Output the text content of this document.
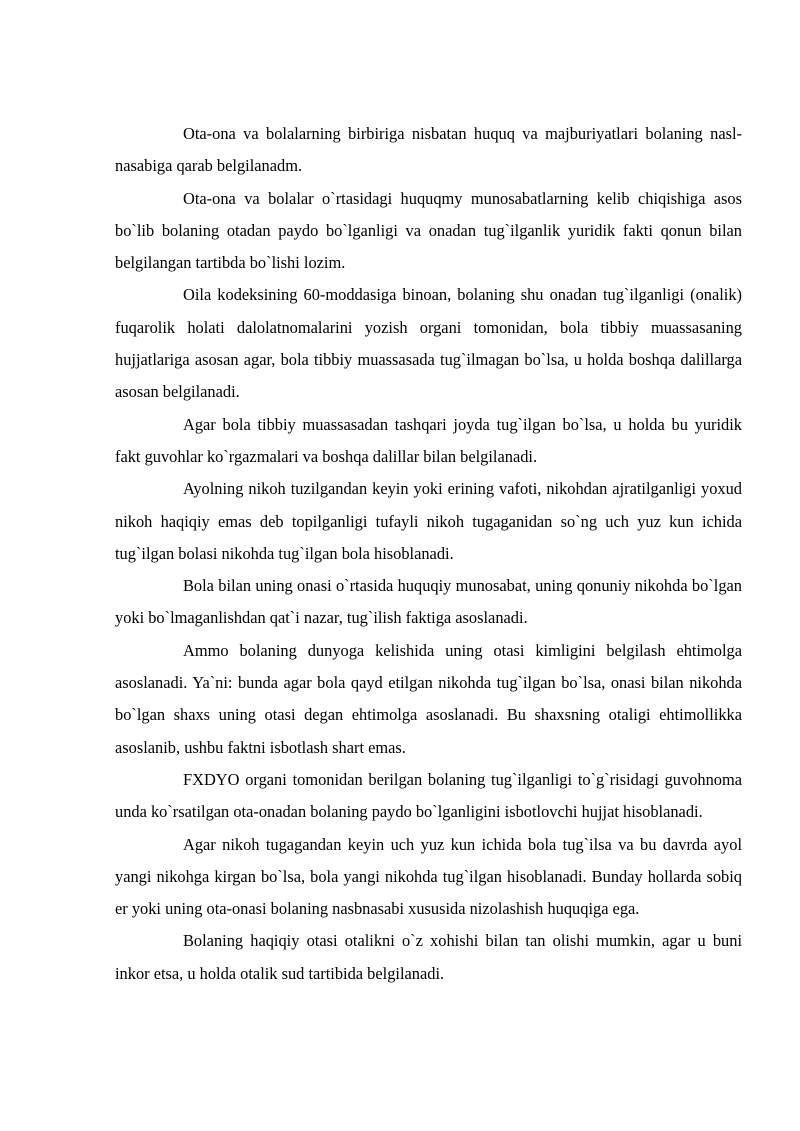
Ota-ona va bolalarning birbiriga nisbatan huquq va majburiyatlari bolaning nasl-nasabiga qarab belgilanadm.

Ota-ona va bolalar o`rtasidagi huquqmy munosabatlarning kelib chiqishiga asos bo`lib bolaning otadan paydo bo`lganligi va onadan tug`ilganlik yuridik fakti qonun bilan belgilangan tartibda bo`lishi lozim.

Oila kodeksining 60-moddasiga binoan, bolaning shu onadan tug`ilganligi (onalik) fuqarolik holati dalolatnomalarini yozish organi tomonidan, bola tibbiy muassasaning hujjatlariga asosan agar, bola tibbiy muassasada tug`ilmagan bo`lsa, u holda boshqa dalillarga asosan belgilanadi.

Agar bola tibbiy muassasadan tashqari joyda tug`ilgan bo`lsa, u holda bu yuridik fakt guvohlar ko`rgazmalari va boshqa dalillar bilan belgilanadi.

Ayolning nikoh tuzilgandan keyin yoki erining vafoti, nikohdan ajratilganligi yoxud nikoh haqiqiy emas deb topilganligi tufayli nikoh tugaganidan so`ng uch yuz kun ichida tug`ilgan bolasi nikohda tug`ilgan bola hisoblanadi.

Bola bilan uning onasi o`rtasida huquqiy munosabat, uning qonuniy nikohda bo`lgan yoki bo`lmaganlishdan qat`i nazar, tug`ilish faktiga asoslanadi.

Ammo bolaning dunyoga kelishida uning otasi kimligini belgilash ehtimolga asoslanadi. Ya`ni: bunda agar bola qayd etilgan nikohda tug`ilgan bo`lsa, onasi bilan nikohda bo`lgan shaxs uning otasi degan ehtimolga asoslanadi. Bu shaxsning otaligi ehtimollikka asoslanib, ushbu faktni isbotlash shart emas.

FXDYO organi tomonidan berilgan bolaning tug`ilganligi to`g`risidagi guvohnoma unda ko`rsatilgan ota-onadan bolaning paydo bo`lganligini isbotlovchi hujjat hisoblanadi.

Agar nikoh tugagandan keyin uch yuz kun ichida bola tug`ilsa va bu davrda ayol yangi nikohga kirgan bo`lsa, bola yangi nikohda tug`ilgan hisoblanadi. Bunday hollarda sobiq er yoki uning ota-onasi bolaning nasbnasabi xususida nizolashish huquqiga ega.

Bolaning haqiqiy otasi otalikni o`z xohishi bilan tan olishi mumkin, agar u buni inkor etsa, u holda otalik sud tartibida belgilanadi.
